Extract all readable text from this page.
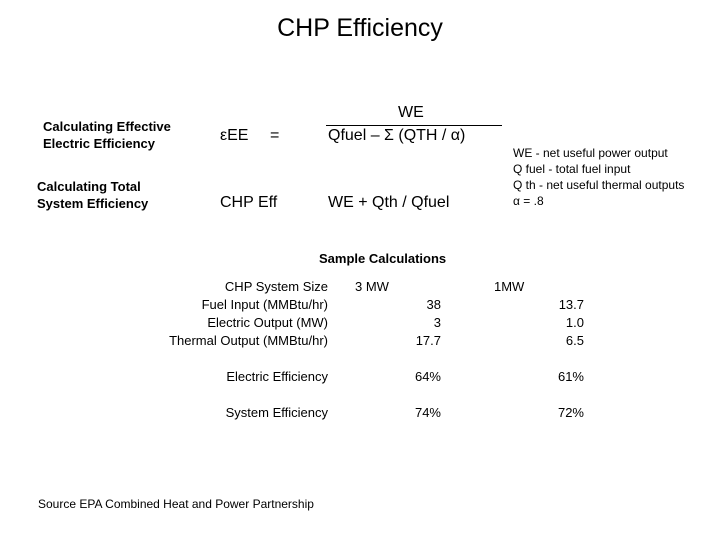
CHP Efficiency
Calculating Effective
Electric Efficiency	εEE =
WE
Qfuel – Σ (QTH / α)
WE - net useful power output
Q fuel - total fuel input
Q th - net useful thermal outputs
α = .8
Calculating Total
System Efficiency	CHP Eff	WE + Qth / Qfuel
Sample Calculations
CHP System Size	3 MW	1MW
Fuel Input (MMBtu/hr)	38	13.7
Electric Output (MW)	3	1.0
Thermal Output (MMBtu/hr)	17.7	6.5

Electric Efficiency	64%	61%

System Efficiency	74%	72%
Source EPA Combined Heat and Power Partnership
